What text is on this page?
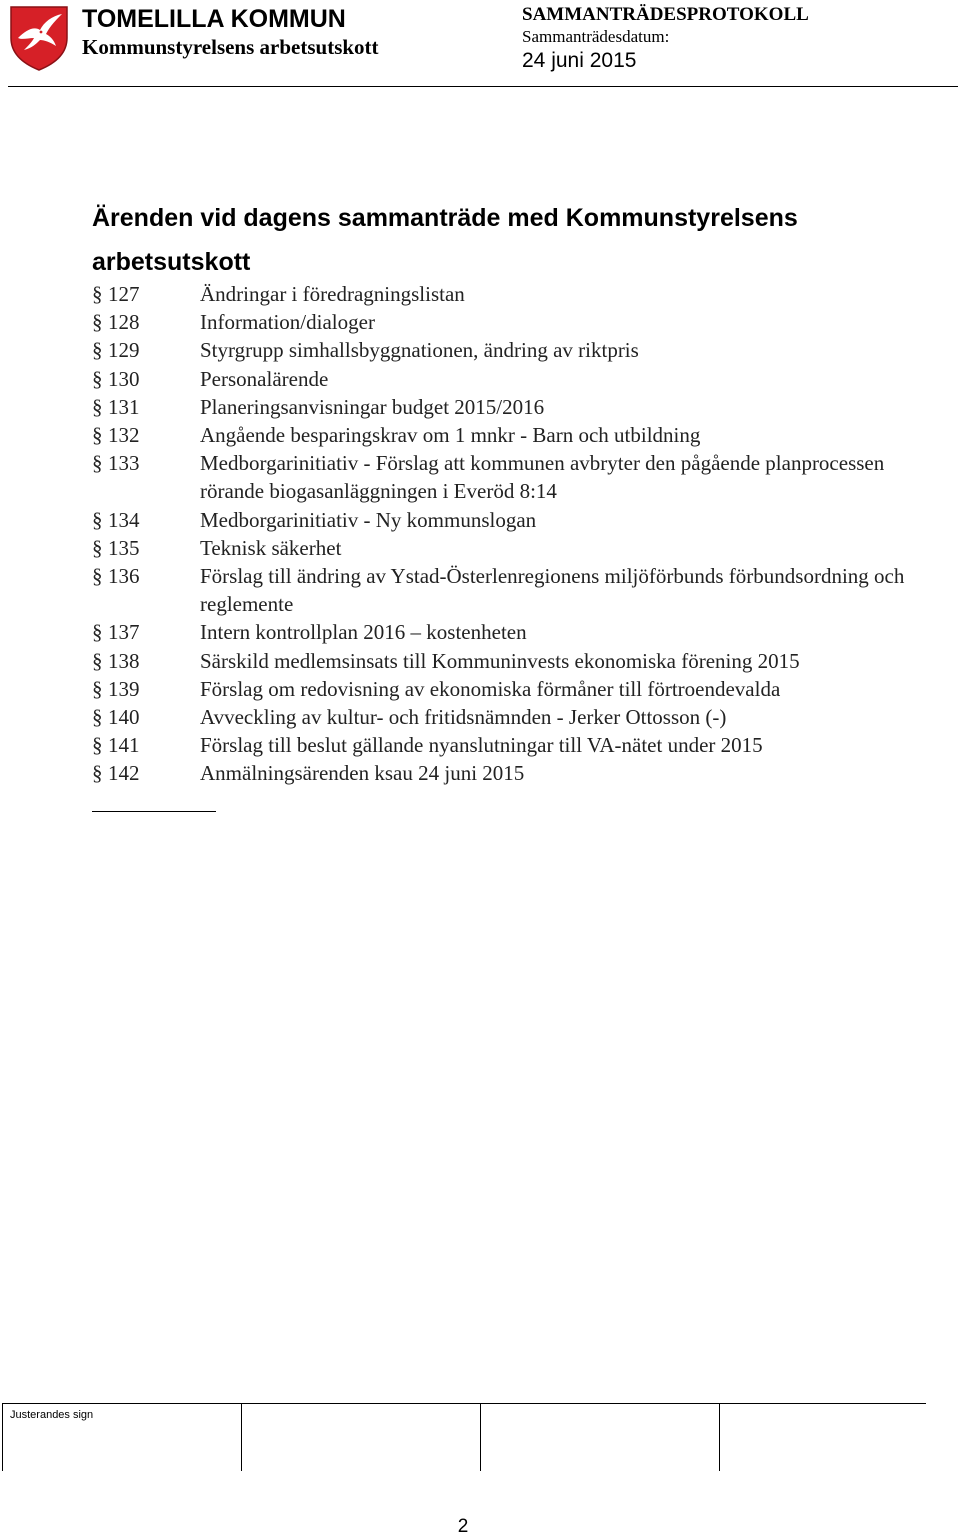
TOMELILLA KOMMUN
Kommunstyrelsens arbetsutskott
SAMMANTRÄDESPROTOKOLL
Sammanträdesdatum:
24 juni 2015
Ärenden vid dagens sammanträde med Kommunstyrelsens arbetsutskott
§ 127	Ändringar i föredragningslistan
§ 128	Information/dialoger
§ 129	Styrgrupp simhallsbyggnationen, ändring av riktpris
§ 130	Personalärende
§ 131	Planeringsanvisningar budget 2015/2016
§ 132	Angående besparingskrav om 1 mnkr - Barn och utbildning
§ 133	Medborgarinitiativ - Förslag att kommunen avbryter den pågående planprocessen rörande biogasanläggningen i Everöd 8:14
§ 134	Medborgarinitiativ - Ny kommunslogan
§ 135	Teknisk säkerhet
§ 136	Förslag till ändring av Ystad-Österlenregionens miljöförbunds förbundsordning och reglemente
§ 137	Intern kontrollplan 2016 – kostenheten
§ 138	Särskild medlemsinsats till Kommuninvests ekonomiska förening 2015
§ 139	Förslag om redovisning av ekonomiska förmåner till förtroendevalda
§ 140	Avveckling av kultur- och fritidsnämnden - Jerker Ottosson (-)
§ 141	Förslag till beslut gällande nyanslutningar till VA-nätet under 2015
§ 142	Anmälningsärenden ksau 24 juni 2015
Justerandes sign
2
